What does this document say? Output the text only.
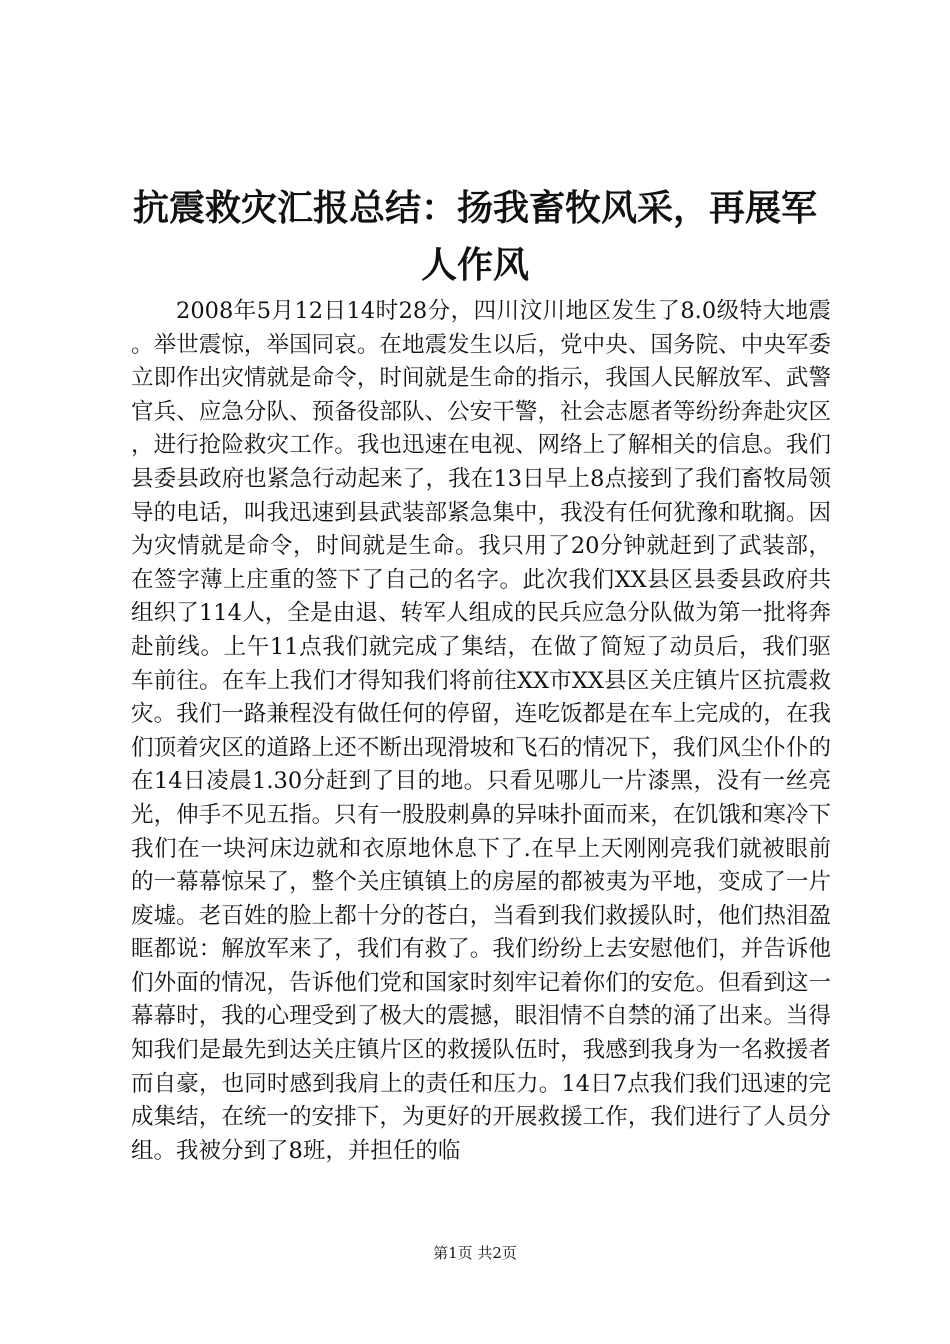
抗震救灾汇报总结：扬我畜牧风采，再展军人作风

2008年5月12日14时28分，四川汶川地区发生了8.0级特大地震。举世震惊，举国同哀。在地震发生以后，党中央、国务院、中央军委立即作出灾情就是命令，时间就是生命的指示，我国人民解放军、武警官兵、应急分队、预备役部队、公安干警，社会志愿者等纷纷奔赴灾区，进行抢险救灾工作。我也迅速在电视、网络上了解相关的信息。我们县委县政府也紧急行动起来了，我在13日早上8点接到了我们畜牧局领导的电话，叫我迅速到县武装部紧急集中，我没有任何犹豫和耽搁。因为灾情就是命令，时间就是生命。我只用了20分钟就赶到了武装部，在签字薄上庄重的签下了自己的名字。此次我们XX县区县委县政府共组织了114人，全是由退、转军人组成的民兵应急分队做为第一批将奔赴前线。上午11点我们就完成了集结，在做了简短了动员后，我们驱车前往。在车上我们才得知我们将前往XX市XX县区关庄镇片区抗震救灾。我们一路兼程没有做任何的停留，连吃饭都是在车上完成的，在我们顶着灾区的道路上还不断出现滑坡和飞石的情况下，我们风尘仆仆的在14日凌晨1.30分赶到了目的地。只看见哪儿一片漆黑，没有一丝亮光，伸手不见五指。只有一股股刺鼻的异味扑面而来，在饥饿和寒冷下我们在一块河床边就和衣原地休息下了.在早上天刚刚亮我们就被眼前的一幕幕惊呆了，整个关庄镇镇上的房屋的都被夷为平地，变成了一片废墟。老百姓的脸上都十分的苍白，当看到我们救援队时，他们热泪盈眶都说：解放军来了，我们有救了。我们纷纷上去安慰他们，并告诉他们外面的情况，告诉他们党和国家时刻牢记着你们的安危。但看到这一幕幕时，我的心理受到了极大的震撼，眼泪情不自禁的涌了出来。当得知我们是最先到达关庄镇片区的救援队伍时，我感到我身为一名救援者而自豪，也同时感到我肩上的责任和压力。14日7点我们我们迅速的完成集结，在统一的安排下，为更好的开展救援工作，我们进行了人员分组。我被分到了8班，并担任的临

第1页 共2页
